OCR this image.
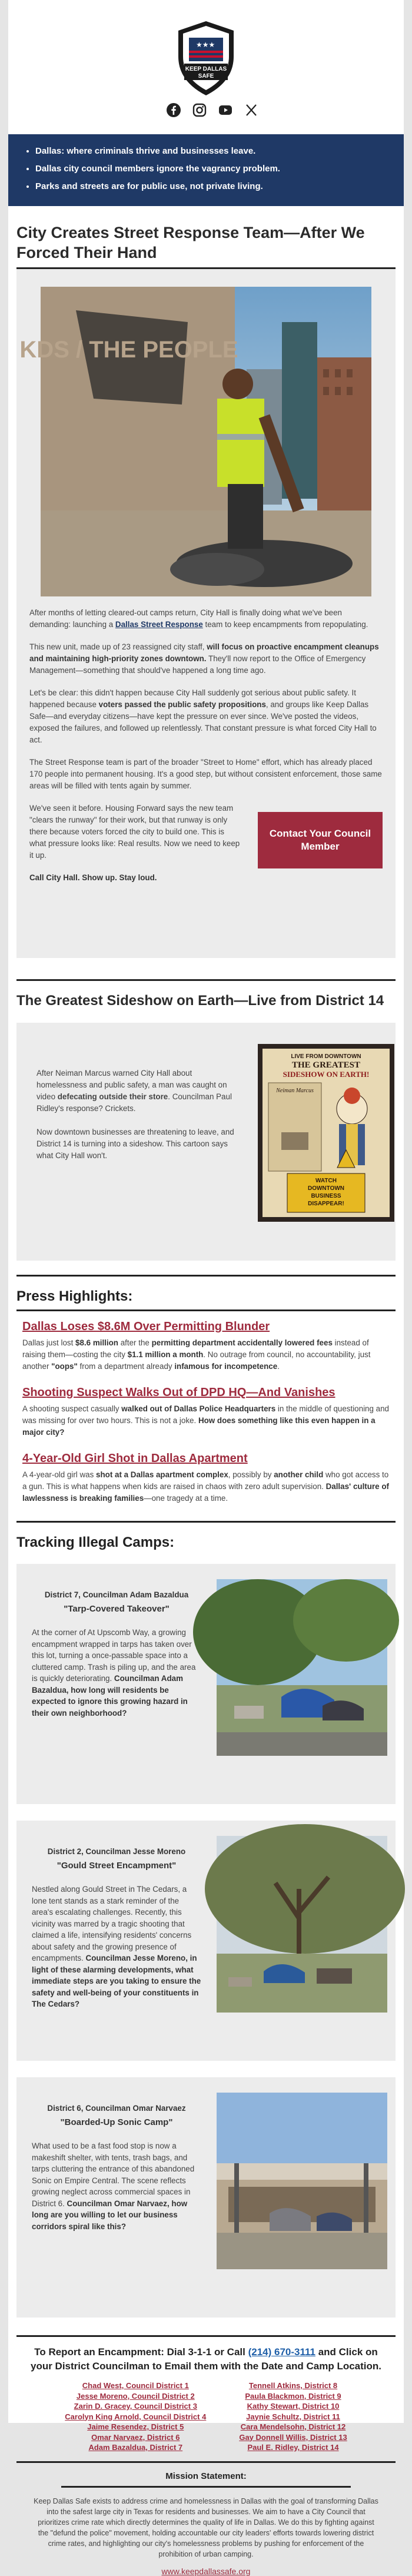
★★★
KEEP DALLAS
SAFE
• Dallas: where criminals thrive and businesses leave.
• Dallas city council members ignore the vagrancy problem.
• Parks and streets are for public use, not private living.
City Creates Street Response Team—After We Forced Their Hand
KDS / THE PEOPLE

After months of letting cleared-out camps return, City Hall is finally doing what we've been demanding: launching a Dallas Street Response team to keep encampments from repopulating.

This new unit, made up of 23 reassigned city staff, will focus on proactive encampment cleanups and maintaining high-priority zones downtown. They'll now report to the Office of Emergency Management—something that should've happened a long time ago.

Let's be clear: this didn't happen because City Hall suddenly got serious about public safety. It happened because voters passed the public safety propositions, and groups like Keep Dallas Safe—and everyday citizens—have kept the pressure on ever since. We've posted the videos, exposed the failures, and followed up relentlessly. That constant pressure is what forced City Hall to act.

The Street Response team is part of the broader "Street to Home" effort, which has already placed 170 people into permanent housing. It's a good step, but without consistent enforcement, those same areas will be filled with tents again by summer.

We've seen it before. Housing Forward says the new team "clears the runway" for their work, but that runway is only there because voters forced the city to build one. This is what pressure looks like: Real results. Now we need to keep it up.

Call City Hall. Show up. Stay loud.

Contact Your Council Member
The Greatest Sideshow on Earth—Live from District 14

After Neiman Marcus warned City Hall about homelessness and public safety, a man was caught on video defecating outside their store. Councilman Paul Ridley's response? Crickets.

Now downtown businesses are threatening to leave, and District 14 is turning into a sideshow. This cartoon says what City Hall won't.

LIVE FROM DOWNTOWN
THE GREATEST
SIDESHOW ON EARTH!
Neiman Marcus
WATCH
DOWNTOWN
BUSINESS
DISAPPEAR!
Press Highlights:
Dallas Loses $8.6M Over Permitting Blunder

Dallas just lost $8.6 million after the permitting department accidentally lowered fees instead of raising them—costing the city $1.1 million a month. No outrage from council, no accountability, just another "oops" from a department already infamous for incompetence.

Shooting Suspect Walks Out of DPD HQ—And Vanishes

A shooting suspect casually walked out of Dallas Police Headquarters in the middle of questioning and was missing for over two hours. This is not a joke. How does something like this even happen in a major city?

4-Year-Old Girl Shot in Dallas Apartment

A 4-year-old girl was shot at a Dallas apartment complex, possibly by another child who got access to a gun. This is what happens when kids are raised in chaos with zero adult supervision. Dallas' culture of lawlessness is breaking families—one tragedy at a time.

Tracking Illegal Camps:
District 7, Councilman Adam Bazaldua
"Tarp-Covered Takeover"

At the corner of At Upscomb Way, a growing encampment wrapped in tarps has taken over this lot, turning a once-passable space into a cluttered camp. Trash is piling up, and the area is quickly deteriorating. Councilman Adam Bazaldua, how long will residents be expected to ignore this growing hazard in their own neighborhood?

District 2, Councilman Jesse Moreno
"Gould Street Encampment"

Nestled along Gould Street in The Cedars, a lone tent stands as a stark reminder of the area's escalating challenges. Recently, this vicinity was marred by a tragic shooting that claimed a life, intensifying residents' concerns about safety and the growing presence of encampments. Councilman Jesse Moreno, in light of these alarming developments, what immediate steps are you taking to ensure the safety and well-being of your constituents in The Cedars?

District 6, Councilman Omar Narvaez
"Boarded-Up Sonic Camp"

What used to be a fast food stop is now a makeshift shelter, with tents, trash bags, and tarps cluttering the entrance of this abandoned Sonic on Empire Central. The scene reflects growing neglect across commercial spaces in District 6. Councilman Omar Narvaez, how long are you willing to let our business corridors spiral like this?

To Report an Encampment: Dial 3-1-1 or Call (214) 670-3111 and Click on your District Councilman to Email them with the Date and Camp Location.
Chad West, Council District 1
Jesse Moreno, Council District 2
Zarin D. Gracey, Council District 3
Carolyn King Arnold, Council District 4
Jaime Resendez, District 5
Omar Narvaez, District 6
Adam Bazaldua, District 7
Tennell Atkins, District 8
Paula Blackmon, District 9
Kathy Stewart, District 10
Jaynie Schultz, District 11
Cara Mendelsohn, District 12
Gay Donnell Willis, District 13
Paul E. Ridley, District 14
Mission Statement:

Keep Dallas Safe exists to address crime and homelessness in Dallas with the goal of transforming Dallas into the safest large city in Texas for residents and businesses. We aim to have a City Council that prioritizes crime rate which directly determines the quality of life in Dallas. We do this by fighting against the "defund the police" movement, holding accountable our city leaders' efforts towards lowering district crime rates, and highlighting our city's homelessness problems by pushing for enforcement of the prohibition of urban camping.

www.keepdallassafe.org
